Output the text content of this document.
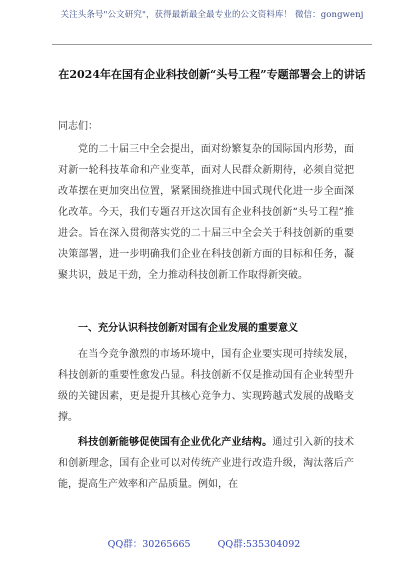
关注头条号"公文研究"，获得最新最全最专业的公文资料库！ 微信：gongwenj
在2024年在国有企业科技创新“头号工程”专题部署会上的讲话

同志们：

党的二十届三中全会提出，面对纷繁复杂的国际国内形势，面对新一轮科技革命和产业变革，面对人民群众新期待，必须自觉把改革摆在更加突出位置，紧紧围绕推进中国式现代化进一步全面深化改革。今天，我们专题召开这次国有企业科技创新“头号工程”推进会。旨在深入贯彻落实党的二十届三中全会关于科技创新的重要决策部署，进一步明确我们企业在科技创新方面的目标和任务，凝聚共识，鼓足干劲，全力推动科技创新工作取得新突破。

一、充分认识科技创新对国有企业发展的重要意义

在当今竞争激烈的市场环境中，国有企业要实现可持续发展，科技创新的重要性愈发凸显。科技创新不仅是推动国有企业转型升级的关键因素，更是提升其核心竞争力、实现跨越式发展的战略支撑。

科技创新能够促使国有企业优化产业结构。通过引入新的技术和创新理念，国有企业可以对传统产业进行改造升级，淘汰落后产能，提高生产效率和产品质量。例如，在

QQ群：30265665	QQ群:535304092
